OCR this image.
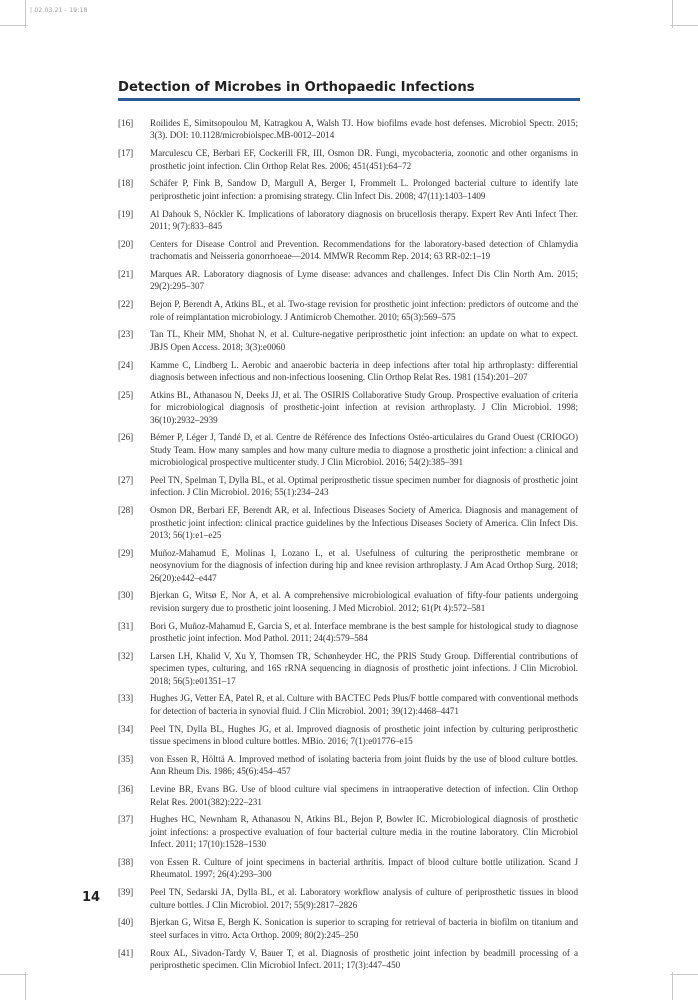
| 02.03.21 - 19:18
Detection of Microbes in Orthopaedic Infections
[16] Roilides E, Simitsopoulou M, Katragkou A, Walsh TJ. How biofilms evade host defenses. Microbiol Spectr. 2015; 3(3). DOI: 10.1128/microbiolspec.MB-0012–2014
[17] Marculescu CE, Berbari EF, Cockerill FR, III, Osmon DR. Fungi, mycobacteria, zoonotic and other organisms in prosthetic joint infection. Clin Orthop Relat Res. 2006; 451(451):64–72
[18] Schäfer P, Fink B, Sandow D, Margull A, Berger I, Frommelt L. Prolonged bacterial culture to identify late periprosthetic joint infection: a promising strategy. Clin Infect Dis. 2008; 47(11):1403–1409
[19] Al Dahouk S, Nöckler K. Implications of laboratory diagnosis on brucellosis therapy. Expert Rev Anti Infect Ther. 2011; 9(7):833–845
[20] Centers for Disease Control and Prevention. Recommendations for the laboratory-based detection of Chlamydia trachomatis and Neisseria gonorrhoeae—2014. MMWR Recomm Rep. 2014; 63 RR-02:1–19
[21] Marques AR. Laboratory diagnosis of Lyme disease: advances and challenges. Infect Dis Clin North Am. 2015; 29(2):295–307
[22] Bejon P, Berendt A, Atkins BL, et al. Two-stage revision for prosthetic joint infection: predictors of outcome and the role of reimplantation microbiology. J Antimicrob Chemother. 2010; 65(3):569–575
[23] Tan TL, Kheir MM, Shohat N, et al. Culture-negative periprosthetic joint infection: an update on what to expect. JBJS Open Access. 2018; 3(3):e0060
[24] Kamme C, Lindberg L. Aerobic and anaerobic bacteria in deep infections after total hip arthroplasty: differential diagnosis between infectious and non-infectious loosening. Clin Orthop Relat Res. 1981 (154):201–207
[25] Atkins BL, Athanasou N, Deeks JJ, et al. The OSIRIS Collaborative Study Group. Prospective evaluation of criteria for microbiological diagnosis of prosthetic-joint infection at revision arthroplasty. J Clin Microbiol. 1998; 36(10):2932–2939
[26] Bémer P, Léger J, Tandé D, et al. Centre de Référence des Infections Ostéo-articulaires du Grand Ouest (CRIOGO) Study Team. How many samples and how many culture media to diagnose a prosthetic joint infection: a clinical and microbiological prospective multicenter study. J Clin Microbiol. 2016; 54(2):385–391
[27] Peel TN, Spelman T, Dylla BL, et al. Optimal periprosthetic tissue specimen number for diagnosis of prosthetic joint infection. J Clin Microbiol. 2016; 55(1):234–243
[28] Osmon DR, Berbari EF, Berendt AR, et al. Infectious Diseases Society of America. Diagnosis and management of prosthetic joint infection: clinical practice guidelines by the Infectious Diseases Society of America. Clin Infect Dis. 2013; 56(1):e1–e25
[29] Muñoz-Mahamud E, Molinas I, Lozano L, et al. Usefulness of culturing the periprosthetic membrane or neosynovium for the diagnosis of infection during hip and knee revision arthroplasty. J Am Acad Orthop Surg. 2018; 26(20):e442–e447
[30] Bjerkan G, Witsø E, Nor A, et al. A comprehensive microbiological evaluation of fifty-four patients undergoing revision surgery due to prosthetic joint loosening. J Med Microbiol. 2012; 61(Pt 4):572–581
[31] Bori G, Muñoz-Mahamud E, Garcia S, et al. Interface membrane is the best sample for histological study to diagnose prosthetic joint infection. Mod Pathol. 2011; 24(4):579–584
[32] Larsen LH, Khalid V, Xu Y, Thomsen TR, Schønheyder HC, the PRIS Study Group. Differential contributions of specimen types, culturing, and 16S rRNA sequencing in diagnosis of prosthetic joint infections. J Clin Microbiol. 2018; 56(5):e01351–17
[33] Hughes JG, Vetter EA, Patel R, et al. Culture with BACTEC Peds Plus/F bottle compared with conventional methods for detection of bacteria in synovial fluid. J Clin Microbiol. 2001; 39(12):4468–4471
[34] Peel TN, Dylla BL, Hughes JG, et al. Improved diagnosis of prosthetic joint infection by culturing periprosthetic tissue specimens in blood culture bottles. MBio. 2016; 7(1):e01776–e15
[35] von Essen R, Hölttä A. Improved method of isolating bacteria from joint fluids by the use of blood culture bottles. Ann Rheum Dis. 1986; 45(6):454–457
[36] Levine BR, Evans BG. Use of blood culture vial specimens in intraoperative detection of infection. Clin Orthop Relat Res. 2001(382):222–231
[37] Hughes HC, Newnham R, Athanasou N, Atkins BL, Bejon P, Bowler IC. Microbiological diagnosis of prosthetic joint infections: a prospective evaluation of four bacterial culture media in the routine laboratory. Clin Microbiol Infect. 2011; 17(10):1528–1530
[38] von Essen R. Culture of joint specimens in bacterial arthritis. Impact of blood culture bottle utilization. Scand J Rheumatol. 1997; 26(4):293–300
[39] Peel TN, Sedarski JA, Dylla BL, et al. Laboratory workflow analysis of culture of periprosthetic tissues in blood culture bottles. J Clin Microbiol. 2017; 55(9):2817–2826
[40] Bjerkan G, Witsø E, Bergh K. Sonication is superior to scraping for retrieval of bacteria in biofilm on titanium and steel surfaces in vitro. Acta Orthop. 2009; 80(2):245–250
[41] Roux AL, Sivadon-Tardy V, Bauer T, et al. Diagnosis of prosthetic joint infection by beadmill processing of a periprosthetic specimen. Clin Microbiol Infect. 2011; 17(3):447–450
14
